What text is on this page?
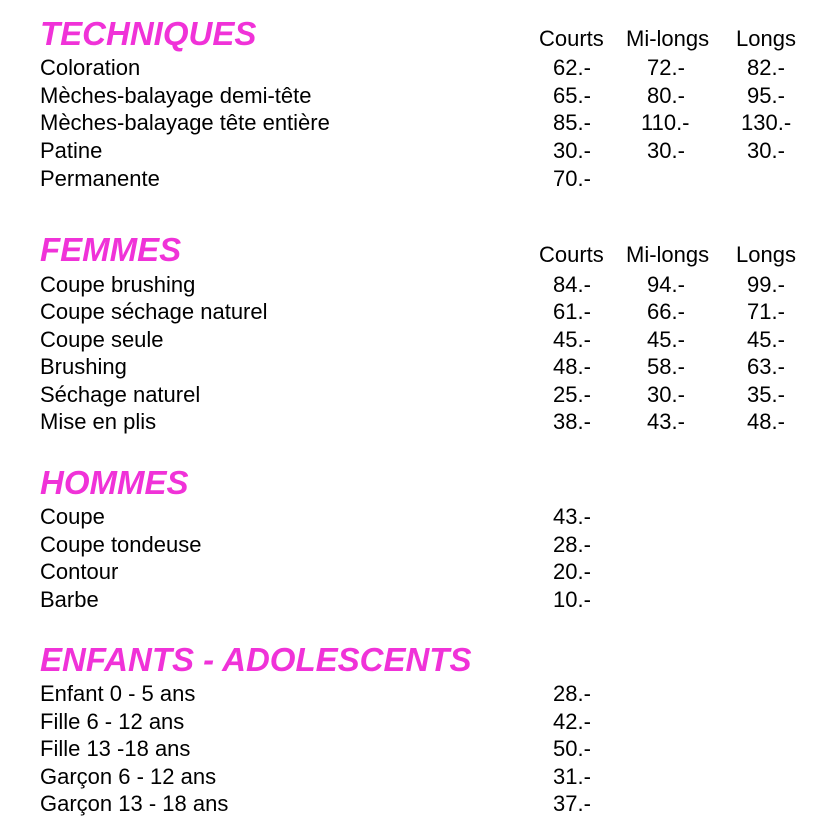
TECHNIQUES	Courts Mi-longs Longs
Coloration	62.-	72.-	82.-
Mèches-balayage demi-tête	65.-	80.-	95.-
Mèches-balayage tête entière	85.- 110.- 130.-
Patine	30.-	30.-	30.-
Permanente	70.-
FEMMES	Courts Mi-longs Longs
Coupe brushing	84.-	94.-	99.-
Coupe séchage naturel	61.-	66.-	71.-
Coupe seule	45.-	45.-	45.-
Brushing	48.-	58.-	63.-
Séchage naturel	25.-	30.-	35.-
Mise en plis	38.-	43.-	48.-
HOMMES
Coupe	43.-
Coupe tondeuse	28.-
Contour	20.-
Barbe	10.-
ENFANTS - ADOLESCENTS
Enfant 0 - 5 ans	28.-
Fille 6 - 12 ans	42.-
Fille 13 -18 ans	50.-
Garçon 6 - 12 ans	31.-
Garçon 13 - 18 ans	37.-
